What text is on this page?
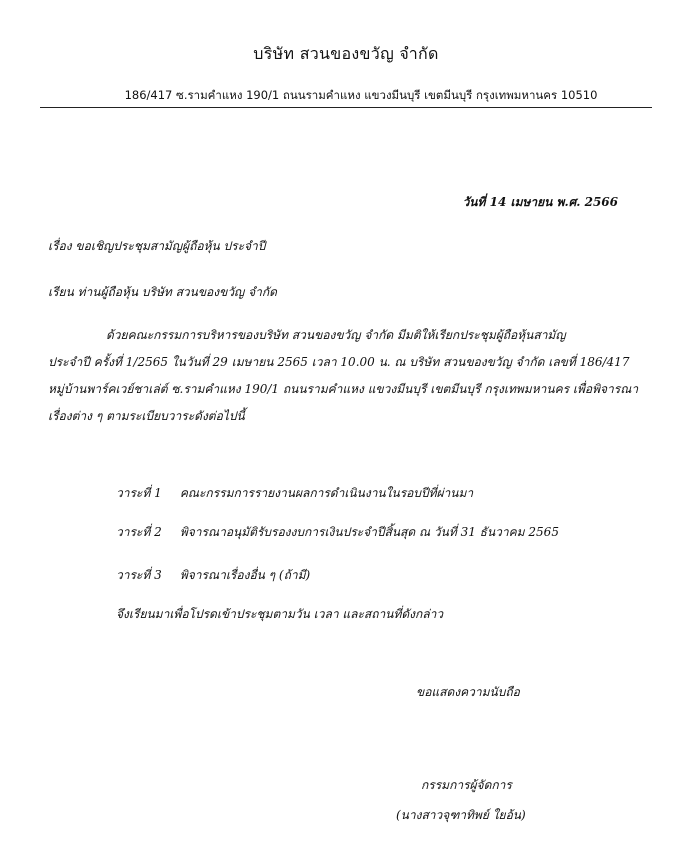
บริษัท สวนของขวัญ จำกัด
186/417 ซ.รามคำแหง 190/1 ถนนรามคำแหง แขวงมีนบุรี เขตมีนบุรี กรุงเทพมหานคร 10510
วันที่ 14 เมษายน พ.ศ. 2566
เรื่อง ขอเชิญประชุมสามัญผู้ถือหุ้น ประจำปี
เรียน ท่านผู้ถือหุ้น บริษัท สวนของขวัญ จำกัด
ด้วยคณะกรรมการบริหารของบริษัท สวนของขวัญ จำกัด มีมติให้เรียกประชุมผู้ถือหุ้นสามัญ
ประจำปี ครั้งที่ 1/2565 ในวันที่ 29 เมษายน 2565 เวลา 10.00 น. ณ บริษัท สวนของขวัญ จำกัด เลขที่ 186/417
หมู่บ้านพาร์คเวย์ชาเล่ต์ ซ.รามคำแหง 190/1 ถนนรามคำแหง แขวงมีนบุรี เขตมีนบุรี กรุงเทพมหานคร เพื่อพิจารณา
เรื่องต่าง ๆ ตามระเบียบวาระดังต่อไปนี้
วาระที่ 1 คณะกรรมการรายงานผลการดำเนินงานในรอบปีที่ผ่านมา
วาระที่ 2 พิจารณาอนุมัติรับรองงบการเงินประจำปีสิ้นสุด ณ วันที่ 31 ธันวาคม 2565
วาระที่ 3 พิจารณาเรื่องอื่น ๆ (ถ้ามี)
จึงเรียนมาเพื่อโปรดเข้าประชุมตามวัน เวลา และสถานที่ดังกล่าว
ขอแสดงความนับถือ
กรรมการผู้จัดการ
(นางสาวจุฑาทิพย์ ใยอ้น)
